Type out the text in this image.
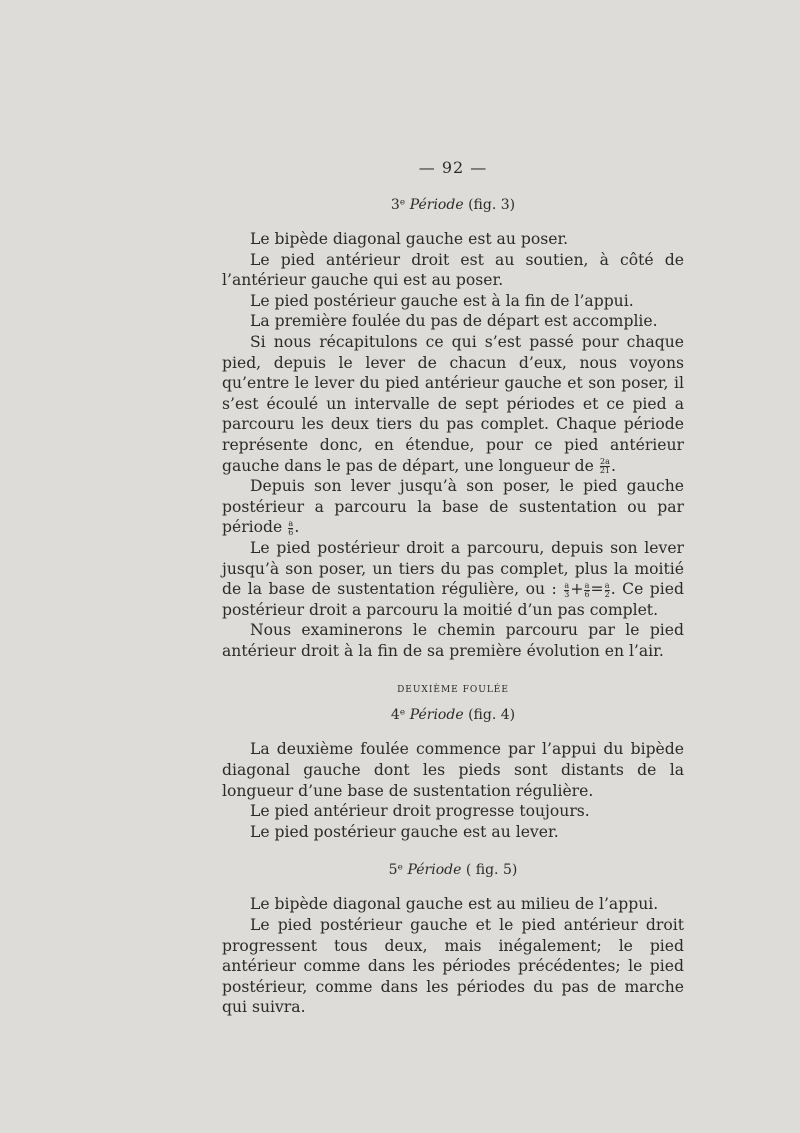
— 92 —
3ᵉ Période (fig. 3)

Le bipède diagonal gauche est au poser.

Le pied antérieur droit est au soutien, à côté de l’antérieur gauche qui est au poser.

Le pied postérieur gauche est à la fin de l’appui.

La première foulée du pas de départ est accomplie.

Si nous récapitulons ce qui s’est passé pour chaque pied, depuis le lever de chacun d’eux, nous voyons qu’entre le lever du pied antérieur gauche et son poser, il s’est écoulé un intervalle de sept périodes et ce pied a parcouru les deux tiers du pas complet. Chaque période représente donc, en étendue, pour ce pied antérieur gauche dans le pas de départ, une longueur de $\frac{2a}{21}$ .

Depuis son lever jusqu’à son poser, le pied gauche postérieur a parcouru la base de sustentation ou par période $\frac{a}{6}$ .

Le pied postérieur droit a parcouru, depuis son lever jusqu’à son poser, un tiers du pas complet, plus la moitié de la base de sustentation régulière, ou : $\frac{a}{3} + \frac{a}{6} = \frac{a}{2}$ . Ce pied postérieur droit a parcouru la moitié d’un pas complet.

Nous examinerons le chemin parcouru par le pied antérieur droit à la fin de sa première évolution en l’air.

DEUXIÈME FOULÉE
4ᵉ Période (fig. 4)

La deuxième foulée commence par l’appui du bipède diagonal gauche dont les pieds sont distants de la longueur d’une base de sustentation régulière.

Le pied antérieur droit progresse toujours.

Le pied postérieur gauche est au lever.

5ᵉ Période ( fig. 5)

Le bipède diagonal gauche est au milieu de l’appui.

Le pied postérieur gauche et le pied antérieur droit progressent tous deux, mais inégalement; le pied antérieur comme dans les périodes précédentes; le pied postérieur, comme dans les périodes du pas de marche qui suivra.
